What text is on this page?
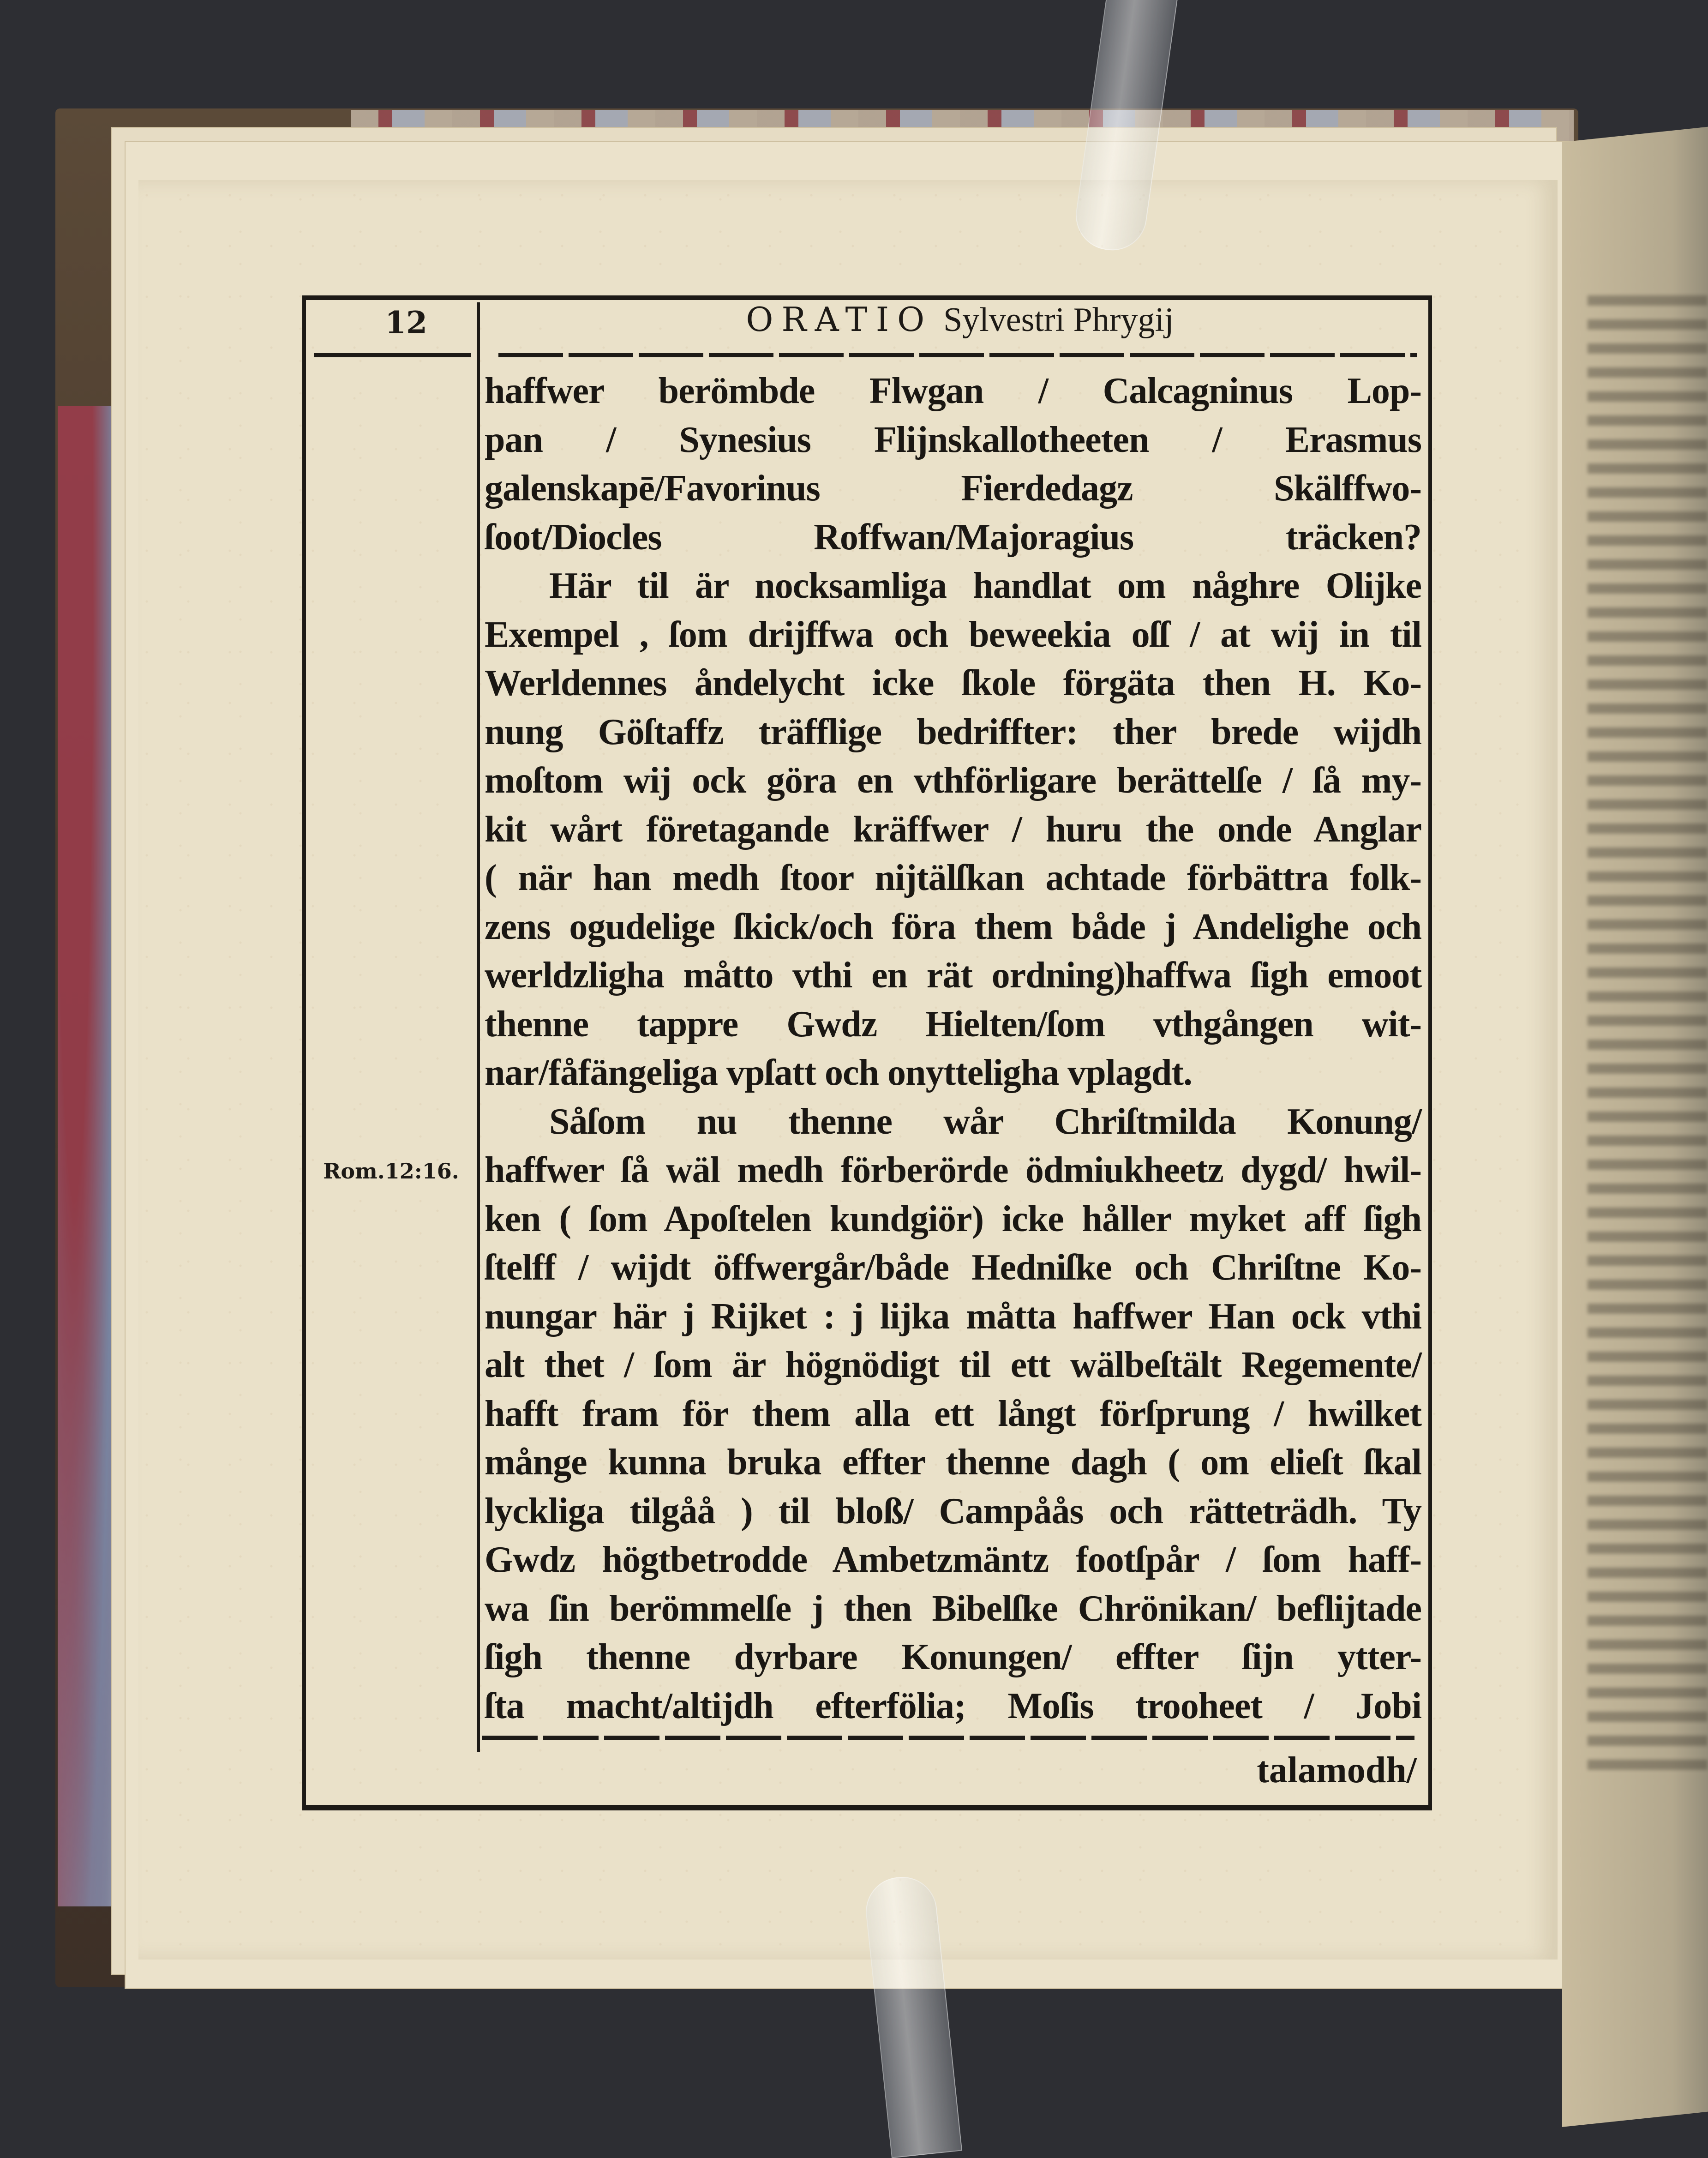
12	ORATIO Sylvestri Phrygij
Rom.12:16.
haffwer berömbde Flwgan / Calcagninus Lop-
pan / Synesius Flijnskallotheeten / Erasmus
galenskapē/Favorinus Fierdedagz Skälffwo-
ſoot/Diocles Roffwan/Majoragius träcken?
Här til är nocksamliga handlat om någhre Olijke
Exempel , ſom drijffwa och beweekia oſſ / at wij in til
Werldennes åndelycht icke ſkole förgäta then H. Ko-
nung Göſtaffz träfflige bedriffter: ther brede wijdh
moſtom wij ock göra en vthförligare berättelſe / ſå my-
kit wårt företagande kräffwer / huru the onde Anglar
( när han medh ſtoor nijtälſkan achtade förbättra folk-
zens ogudelige ſkick/och föra them både j Andelighe och
werldzligha måtto vthi en rät ordning)haffwa ſigh emoot
thenne tappre Gwdz Hielten/ſom vthgången wit-
nar/fåfängeliga vpſatt och onytteligha vplagdt.
Såſom nu thenne wår Chriſtmilda Konung/
haffwer ſå wäl medh förberörde ödmiukheetz dygd/ hwil-
ken ( ſom Apoſtelen kundgiör) icke håller myket aff ſigh
ſtelff / wijdt öffwergår/både Hedniſke och Chriſtne Ko-
nungar här j Rijket : j lijka måtta haffwer Han ock vthi
alt thet / ſom är högnödigt til ett wälbeſtält Regemente/
hafft fram för them alla ett långt förſprung / hwilket
månge kunna bruka effter thenne dagh ( om elieſt ſkal
lyckliga tilgåå ) til bloß/ Campåås och rätteträdh. Ty
Gwdz högtbetrodde Ambetzmäntz footſpår / ſom haff-
wa ſin berömmelſe j then Bibelſke Chrönikan/ beflijtade
ſigh thenne dyrbare Konungen/ effter ſijn ytter-
ſta macht/altijdh efterfölia; Moſis trooheet / Jobi
talamodh/
